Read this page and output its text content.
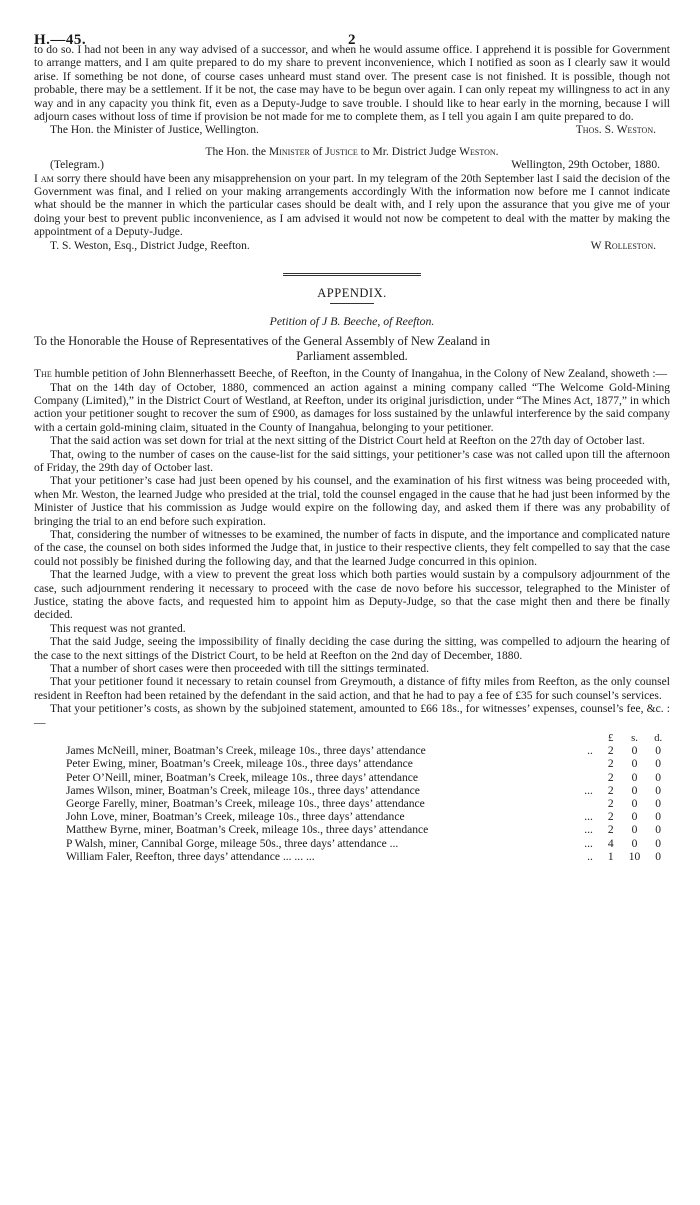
H.—45.	2

to do so. I had not been in any way advised of a successor, and when he would assume office. I apprehend it is possible for Government to arrange matters, and I am quite prepared to do my share to prevent inconvenience, which I notified as soon as I clearly saw it would arise. If something be not done, of course cases unheard must stand over. The present case is not finished. It is possible, though not probable, there may be a settlement. If it be not, the case may have to be begun over again. I can only repeat my willingness to act in any way and in any capacity you think fit, even as a Deputy-Judge to save trouble. I should like to hear early in the morning, because I will adjourn cases without loss of time if provision be not made for me to complete them, as I tell you again I am quite prepared to do.

The Hon. the Minister of Justice, Wellington.	Thos. S. Weston.
The Hon. the Minister of Justice to Mr. District Judge Weston.
(Telegram.)	Wellington, 29th October, 1880.

I am sorry there should have been any misapprehension on your part. In my telegram of the 20th September last I said the decision of the Government was final, and I relied on your making arrangements accordingly With the information now before me I cannot indicate what should be the manner in which the particular cases should be dealt with, and I rely upon the assurance that you give me of your doing your best to prevent public inconvenience, as I am advised it would not now be competent to deal with the matter by making the appointment of a Deputy-Judge.

T. S. Weston, Esq., District Judge, Reefton.	W Rolleston.
APPENDIX.
Petition of J B. Beeche, of Reefton.
To the Honorable the House of Representatives of the General Assembly of New Zealand in
Parliament assembled.

The humble petition of John Blennerhassett Beeche, of Reefton, in the County of Inangahua, in the Colony of New Zealand, showeth :—

That on the 14th day of October, 1880, commenced an action against a mining company called “The Welcome Gold-Mining Company (Limited),” in the District Court of Westland, at Reefton, under its original jurisdiction, under “The Mines Act, 1877,” in which action your petitioner sought to recover the sum of £900, as damages for loss sustained by the unlawful interference by the said company with a certain gold-mining claim, situated in the County of Inangahua, belonging to your petitioner.

That the said action was set down for trial at the next sitting of the District Court held at Reefton on the 27th day of October last.

That, owing to the number of cases on the cause-list for the said sittings, your petitioner’s case was not called upon till the afternoon of Friday, the 29th day of October last.

That your petitioner’s case had just been opened by his counsel, and the examination of his first witness was being proceeded with, when Mr. Weston, the learned Judge who presided at the trial, told the counsel engaged in the cause that he had just been informed by the Minister of Justice that his commission as Judge would expire on the following day, and asked them if there was any probability of bringing the trial to an end before such expiration.

That, considering the number of witnesses to be examined, the number of facts in dispute, and the importance and complicated nature of the case, the counsel on both sides informed the Judge that, in justice to their respective clients, they felt compelled to say that the case could not possibly be finished during the following day, and that the learned Judge concurred in this opinion.

That the learned Judge, with a view to prevent the great loss which both parties would sustain by a compulsory adjournment of the case, such adjournment rendering it necessary to proceed with the case de novo before his successor, telegraphed to the Minister of Justice, stating the above facts, and requested him to appoint him as Deputy-Judge, so that the case might then and there be finally decided.

This request was not granted.

That the said Judge, seeing the impossibility of finally deciding the case during the sitting, was compelled to adjourn the hearing of the case to the next sittings of the District Court, to be held at Reefton on the 2nd day of December, 1880.

That a number of short cases were then proceeded with till the sittings terminated.

That your petitioner found it necessary to retain counsel from Greymouth, a distance of fifty miles from Reefton, as the only counsel resident in Reefton had been retained by the defendant in the said action, and that he had to pay a fee of £35 for such counsel’s services.

That your petitioner’s costs, as shown by the subjoined statement, amounted to £66 18s., for witnesses’ expenses, counsel’s fee, &c. :—

£	s.	d.
James McNeill, miner, Boatman’s Creek, mileage 10s., three days’ attendance	..	2	0	0
Peter Ewing, miner, Boatman’s Creek, mileage 10s., three days’ attendance	2	0	0
Peter O’Neill, miner, Boatman’s Creek, mileage 10s., three days’ attendance	2	0	0
James Wilson, miner, Boatman’s Creek, mileage 10s., three days’ attendance	...	2	0	0
George Farelly, miner, Boatman’s Creek, mileage 10s., three days’ attendance	2	0	0
John Love, miner, Boatman’s Creek, mileage 10s., three days’ attendance	...	2	0	0
Matthew Byrne, miner, Boatman’s Creek, mileage 10s., three days’ attendance	...	2	0	0
P Walsh, miner, Cannibal Gorge, mileage 50s., three days’ attendance ...	...	4	0	0
William Faler, Reefton, three days’ attendance ... ... ...	..	1	10	0
